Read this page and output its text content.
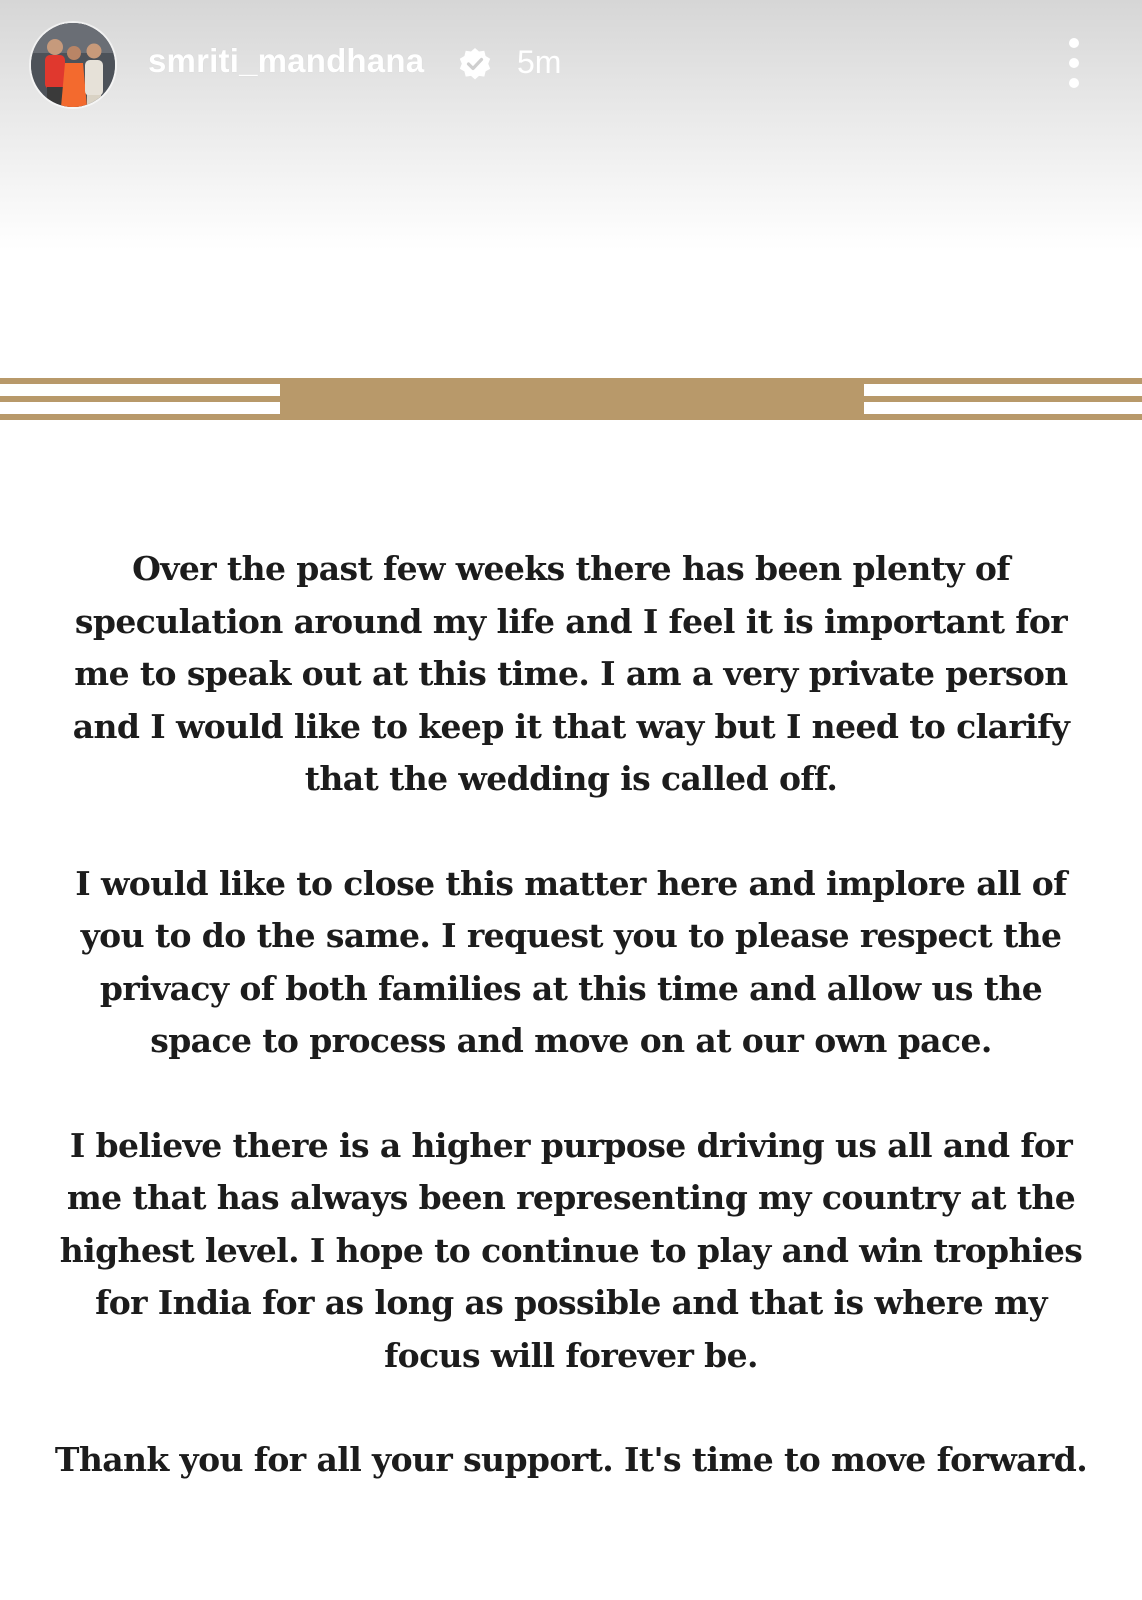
smriti_mandhana	5m

Over the past few weeks there has been plenty of speculation around my life and I feel it is important for me to speak out at this time. I am a very private person and I would like to keep it that way but I need to clarify that the wedding is called off.

I would like to close this matter here and implore all of you to do the same. I request you to please respect the privacy of both families at this time and allow us the space to process and move on at our own pace.

I believe there is a higher purpose driving us all and for me that has always been representing my country at the highest level. I hope to continue to play and win trophies for India for as long as possible and that is where my focus will forever be.

Thank you for all your support. It's time to move forward.
